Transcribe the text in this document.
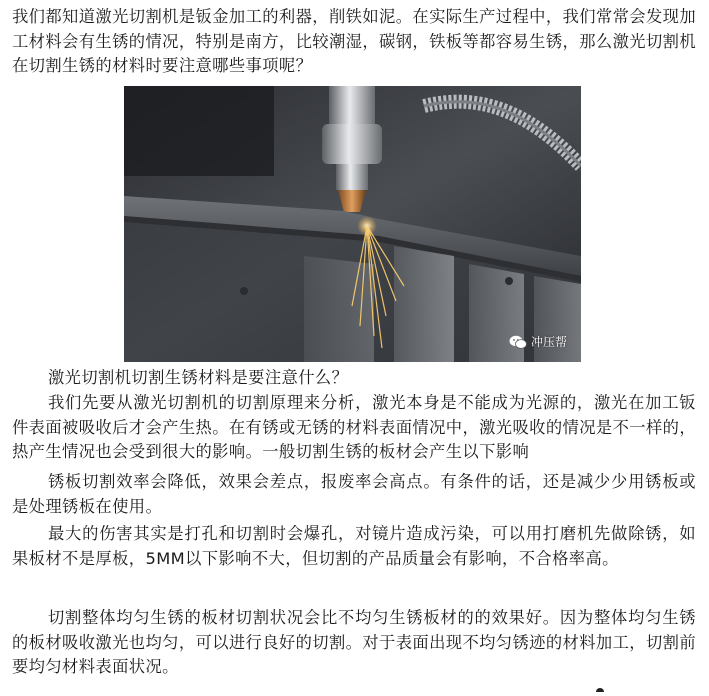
我们都知道激光切割机是钣金加工的利器，削铁如泥。在实际生产过程中，我们常常会发现加工材料会有生锈的情况，特别是南方，比较潮湿，碳钢，铁板等都容易生锈，那么激光切割机在切割生锈的材料时要注意哪些事项呢？

冲压帮

激光切割机切割生锈材料是要注意什么？

我们先要从激光切割机的切割原理来分析，激光本身是不能成为光源的，激光在加工钣件表面被吸收后才会产生热。在有锈或无锈的材料表面情况中，激光吸收的情况是不一样的，热产生情况也会受到很大的影响。一般切割生锈的板材会产生以下影响

锈板切割效率会降低，效果会差点，报废率会高点。有条件的话，还是减少少用锈板或是处理锈板在使用。

最大的伤害其实是打孔和切割时会爆孔，对镜片造成污染，可以用打磨机先做除锈，如果板材不是厚板，5MM以下影响不大，但切割的产品质量会有影响，不合格率高。

切割整体均匀生锈的板材切割状况会比不均匀生锈板材的的效果好。因为整体均匀生锈的板材吸收激光也均匀，可以进行良好的切割。对于表面出现不均匀锈迹的材料加工，切割前要均匀材料表面状况。
